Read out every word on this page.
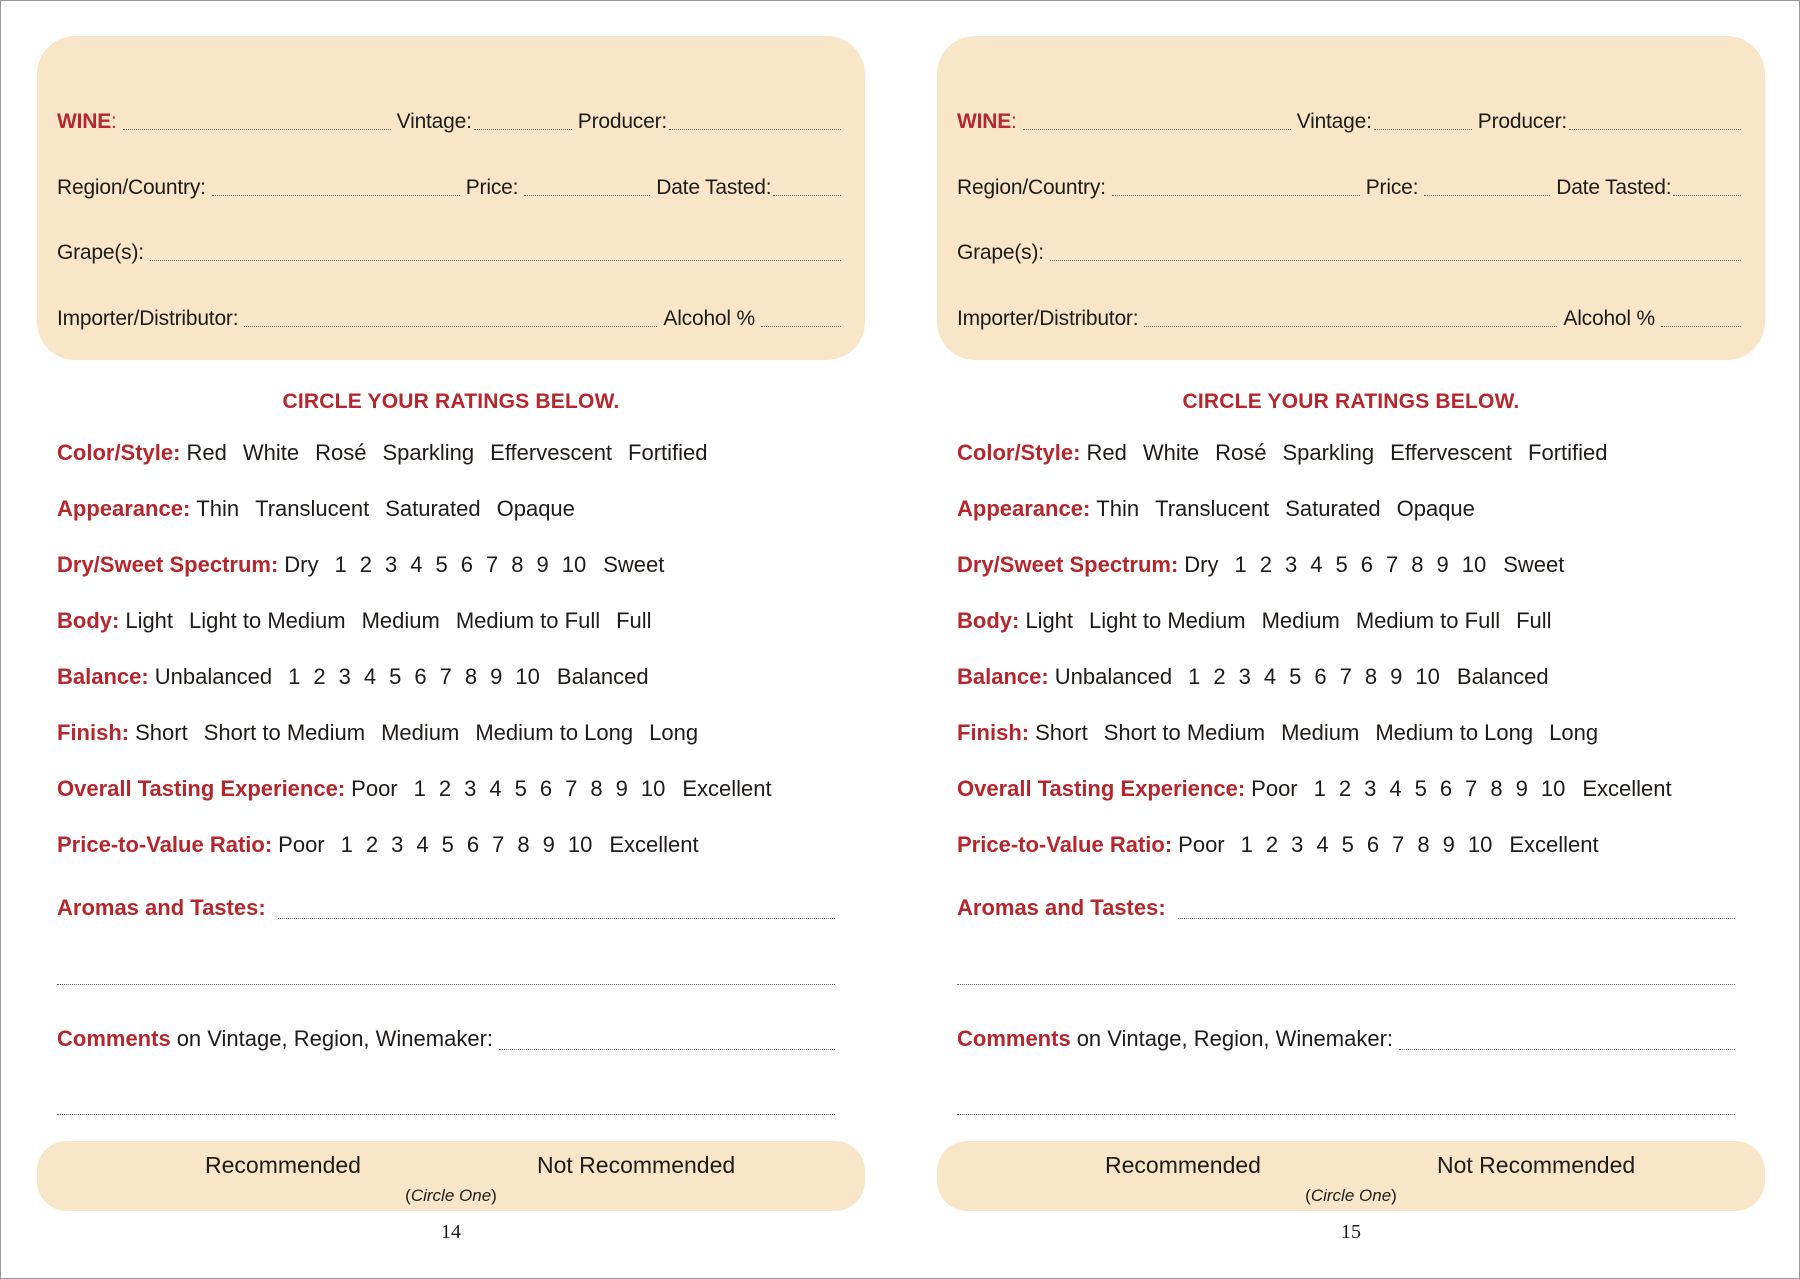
WINE:	Vintage:	Producer:
Region/Country:	Price:	Date Tasted:
Grape(s):
Importer/Distributor:	Alcohol %
CIRCLE YOUR RATINGS BELOW.
Color/Style: Red White Rosé Sparkling Effervescent Fortified
Appearance: Thin Translucent Saturated Opaque
Dry/Sweet Spectrum: Dry 1 2 3 4 5 6 7 8 9 10 Sweet
Body: Light Light to Medium Medium Medium to Full Full
Balance: Unbalanced 1 2 3 4 5 6 7 8 9 10 Balanced
Finish: Short Short to Medium Medium Medium to Long Long
Overall Tasting Experience: Poor 1 2 3 4 5 6 7 8 9 10 Excellent
Price-to-Value Ratio: Poor 1 2 3 4 5 6 7 8 9 10 Excellent
Aromas and Tastes:
Comments on Vintage, Region, Winemaker:
Recommended	Not Recommended
(Circle One)
14
WINE:	Vintage:	Producer:
Region/Country:	Price:	Date Tasted:
Grape(s):
Importer/Distributor:	Alcohol %
CIRCLE YOUR RATINGS BELOW.
Color/Style: Red White Rosé Sparkling Effervescent Fortified
Appearance: Thin Translucent Saturated Opaque
Dry/Sweet Spectrum: Dry 1 2 3 4 5 6 7 8 9 10 Sweet
Body: Light Light to Medium Medium Medium to Full Full
Balance: Unbalanced 1 2 3 4 5 6 7 8 9 10 Balanced
Finish: Short Short to Medium Medium Medium to Long Long
Overall Tasting Experience: Poor 1 2 3 4 5 6 7 8 9 10 Excellent
Price-to-Value Ratio: Poor 1 2 3 4 5 6 7 8 9 10 Excellent
Aromas and Tastes:
Comments on Vintage, Region, Winemaker:
Recommended	Not Recommended
(Circle One)
15
